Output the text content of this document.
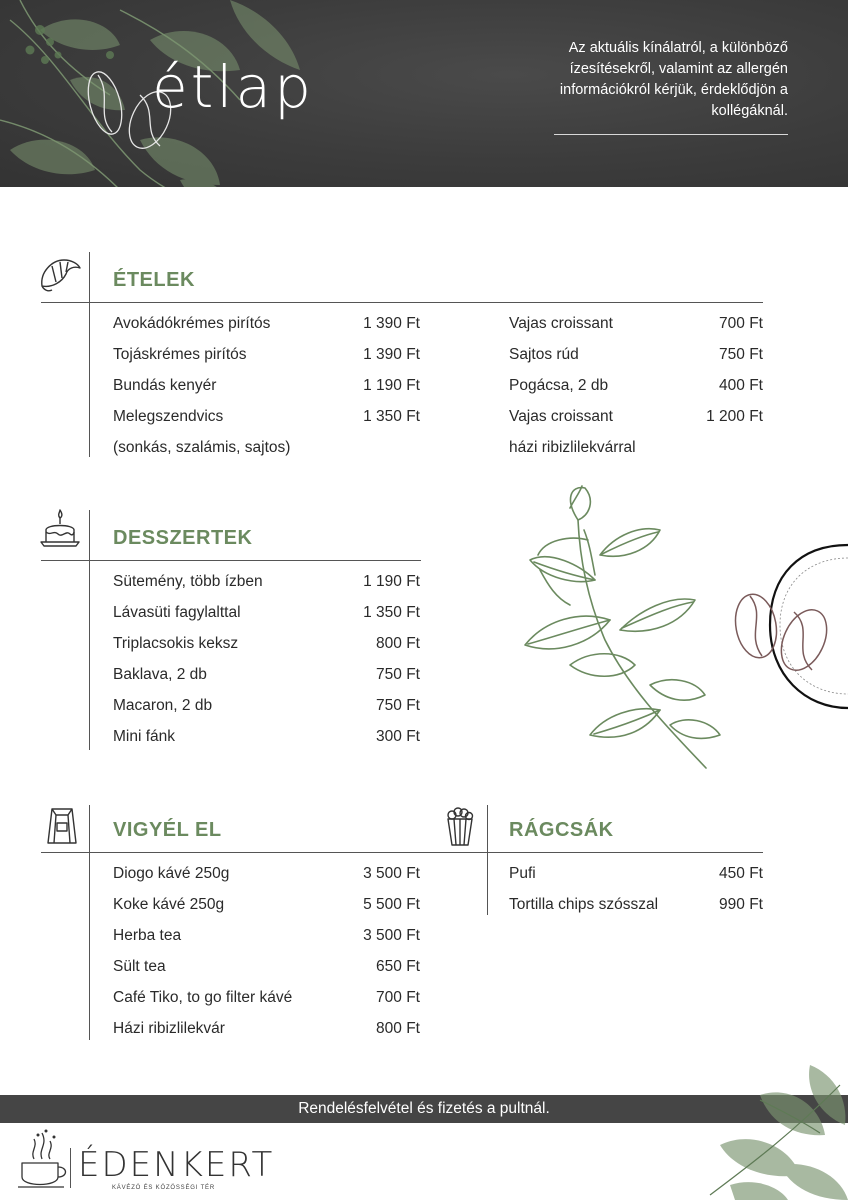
étlap
Az aktuális kínálatról, a különböző ízesítésekről, valamint az allergén információkról kérjük, érdeklődjön a kollégáknál.
ÉTELEK
Avokádókrémes pirítós	1 390 Ft
Tojáskrémes pirítós	1 390 Ft
Bundás kenyér	1 190 Ft
Melegszendvics	1 350 Ft
(sonkás, szalámis, sajtos)
Vajas croissant	700 Ft
Sajtos rúd	750 Ft
Pogácsa, 2 db	400 Ft
Vajas croissant	1 200 Ft
házi ribizlilekvárral
DESSZERTEK
Sütemény, több ízben	1 190 Ft
Lávasüti fagylalttal	1 350 Ft
Triplacsokis keksz	800 Ft
Baklava, 2 db	750 Ft
Macaron, 2 db	750 Ft
Mini fánk	300 Ft
VIGYÉL EL
Diogo kávé 250g	3 500 Ft
Koke kávé 250g	5 500 Ft
Herba tea	3 500 Ft
Sült tea	650 Ft
Café Tiko, to go filter kávé	700 Ft
Házi ribizlilekvár	800 Ft
RÁGCSÁK
Pufi	450 Ft
Tortilla chips szósszal	990 Ft
Rendelésfelvétel és fizetés a pultnál.
ÉDENKERT
KÁVÉZÓ ÉS KÖZÖSSÉGI TÉR
